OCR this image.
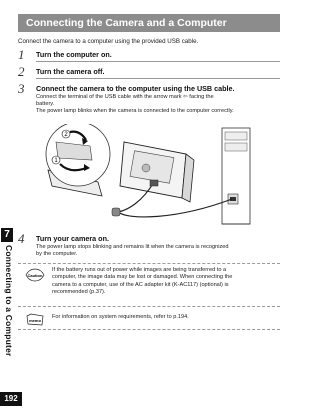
7
Connecting to a Computer
192
Connecting the Camera and a Computer
Connect the camera to a computer using the provided USB cable.
1 Turn the computer on.
2 Turn the camera off.
3 Connect the camera to the computer using the USB cable.
Connect the terminal of the USB cable with the arrow mark ⇦ facing the
battery.
The power lamp blinks when the camera is connected to the computer correctly.
1
2
4 Turn your camera on.
The power lamp stops blinking and remains lit when the camera is recognized
by the computer.
Caution
If the battery runs out of power while images are being transferred to a
computer, the image data may be lost or damaged. When connecting the
camera to a computer, use of the AC adapter kit (K-AC117) (optional) is
recommended (p.37).
memo
For information on system requirements, refer to p.194.
